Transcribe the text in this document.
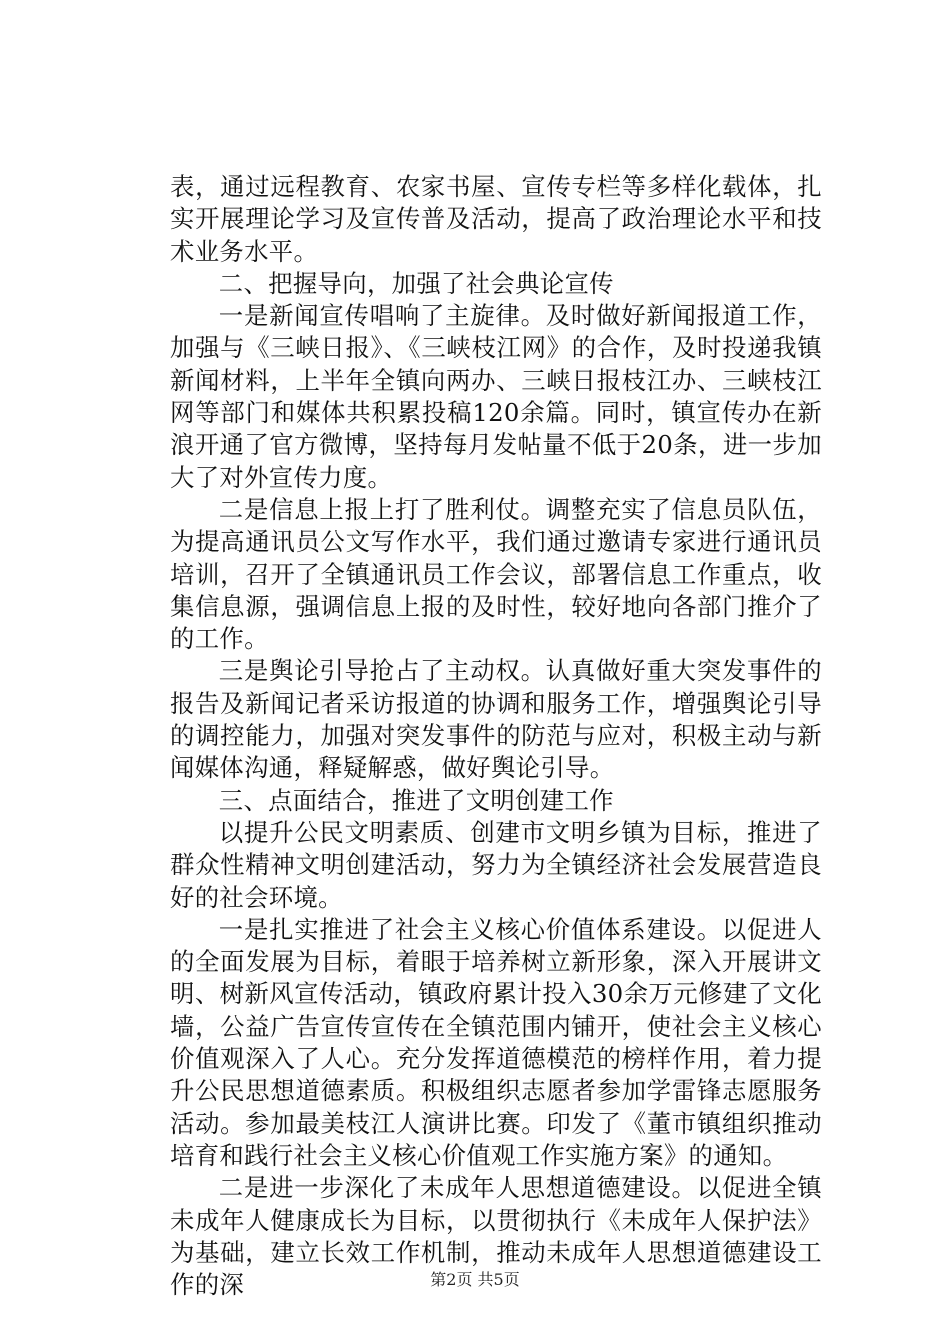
表，通过远程教育、农家书屋、宣传专栏等多样化载体，扎实开展理论学习及宣传普及活动，提高了政治理论水平和技术业务水平。

二、把握导向，加强了社会典论宣传

一是新闻宣传唱响了主旋律。及时做好新闻报道工作，加强与《三峡日报》、《三峡枝江网》的合作，及时投递我镇新闻材料，上半年全镇向两办、三峡日报枝江办、三峡枝江网等部门和媒体共积累投稿120余篇。同时，镇宣传办在新浪开通了官方微博，坚持每月发帖量不低于20条，进一步加大了对外宣传力度。

二是信息上报上打了胜利仗。调整充实了信息员队伍，为提高通讯员公文写作水平，我们通过邀请专家进行通讯员培训，召开了全镇通讯员工作会议，部署信息工作重点，收集信息源，强调信息上报的及时性，较好地向各部门推介了的工作。

三是舆论引导抢占了主动权。认真做好重大突发事件的报告及新闻记者采访报道的协调和服务工作，增强舆论引导的调控能力，加强对突发事件的防范与应对，积极主动与新闻媒体沟通，释疑解惑，做好舆论引导。

三、点面结合，推进了文明创建工作

以提升公民文明素质、创建市文明乡镇为目标，推进了群众性精神文明创建活动，努力为全镇经济社会发展营造良好的社会环境。

一是扎实推进了社会主义核心价值体系建设。以促进人的全面发展为目标，着眼于培养树立新形象，深入开展讲文明、树新风宣传活动，镇政府累计投入30余万元修建了文化墙，公益广告宣传宣传在全镇范围内铺开，使社会主义核心价值观深入了人心。充分发挥道德模范的榜样作用，着力提升公民思想道德素质。积极组织志愿者参加学雷锋志愿服务活动。参加最美枝江人演讲比赛。印发了《董市镇组织推动培育和践行社会主义核心价值观工作实施方案》的通知。

二是进一步深化了未成年人思想道德建设。以促进全镇未成年人健康成长为目标，以贯彻执行《未成年人保护法》为基础，建立长效工作机制，推动未成年人思想道德建设工作的深	第2页 共5页
